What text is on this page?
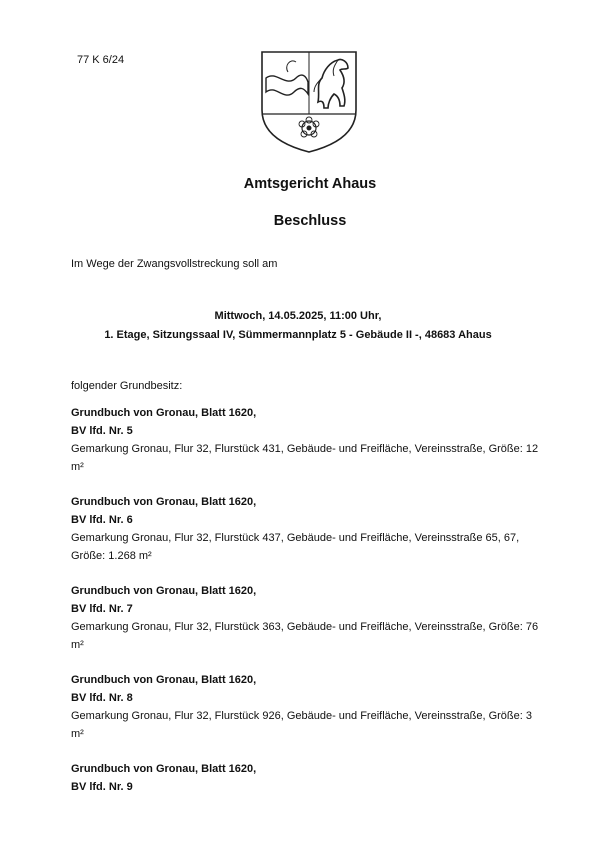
77 K 6/24
Amtsgericht Ahaus
Beschluss
Im Wege der Zwangsvollstreckung soll am
Mittwoch, 14.05.2025, 11:00 Uhr,
1. Etage, Sitzungssaal IV, Sümmermannplatz 5 - Gebäude II -, 48683 Ahaus
folgender Grundbesitz:
Grundbuch von Gronau, Blatt 1620,
BV lfd. Nr. 5
Gemarkung Gronau, Flur 32, Flurstück 431, Gebäude- und Freifläche, Vereinsstraße, Größe: 12 m²
Grundbuch von Gronau, Blatt 1620,
BV lfd. Nr. 6
Gemarkung Gronau, Flur 32, Flurstück 437, Gebäude- und Freifläche, Vereinsstraße 65, 67, Größe: 1.268 m²
Grundbuch von Gronau, Blatt 1620,
BV lfd. Nr. 7
Gemarkung Gronau, Flur 32, Flurstück 363, Gebäude- und Freifläche, Vereinsstraße, Größe: 76 m²
Grundbuch von Gronau, Blatt 1620,
BV lfd. Nr. 8
Gemarkung Gronau, Flur 32, Flurstück 926, Gebäude- und Freifläche, Vereinsstraße, Größe: 3 m²
Grundbuch von Gronau, Blatt 1620,
BV lfd. Nr. 9
